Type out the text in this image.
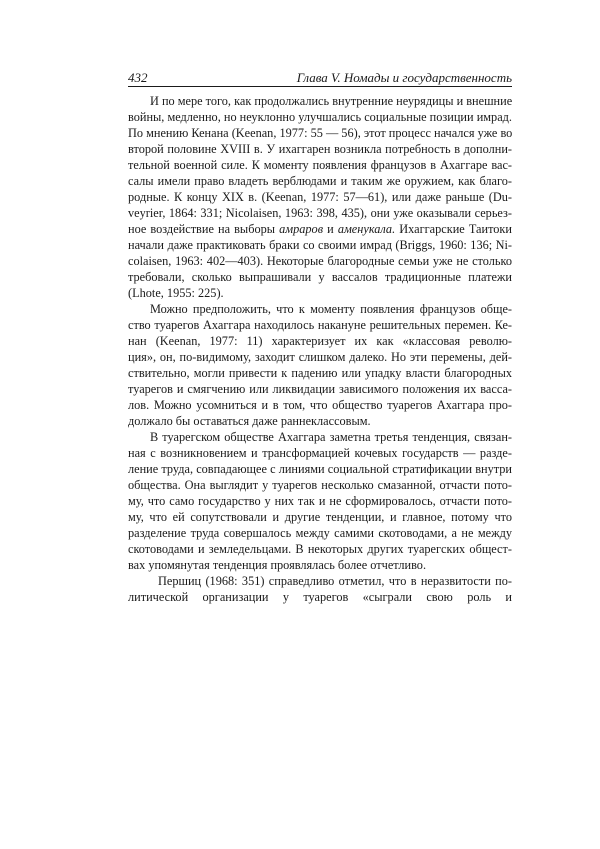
432	Глава V. Номады и государственность
И по мере того, как продолжались внутренние неурядицы и внешние
войны, медленно, но неуклонно улучшались социальные позиции имрад.
По мнению Кенана (Keenan, 1977: 55 — 56), этот процесс начался уже во
второй половине XVIII в. У ихаггарен возникла потребность в дополни-
тельной военной силе. К моменту появления французов в Ахаггаре вас-
салы имели право владеть верблюдами и таким же оружием, как благо-
родные. К концу XIX в. (Keenan, 1977: 57—61), или даже раньше (Du-
veyrier, 1864: 331; Nicolaisen, 1963: 398, 435), они уже оказывали серьез-
ное воздействие на выборы амраров и аменукала. Ихаггарские Таитоки
начали даже практиковать браки со своими имрад (Briggs, 1960: 136; Ni-
colaisen, 1963: 402—403). Некоторые благородные семьи уже не столько
требовали, сколько выпрашивали у вассалов традиционные платежи
(Lhote, 1955: 225).
Можно предположить, что к моменту появления французов обще-
ство туарегов Ахаггара находилось накануне решительных перемен. Ке-
нан (Keenan, 1977: 11) характеризует их как «классовая револю-
ция», он, по-видимому, заходит слишком далеко. Но эти перемены, дей-
ствительно, могли привести к падению или упадку власти благородных
туарегов и смягчению или ликвидации зависимого положения их васса-
лов. Можно усомниться и в том, что общество туарегов Ахаггара про-
должало бы оставаться даже раннеклассовым.
В туарегском обществе Ахаггара заметна третья тенденция, связан-
ная с возникновением и трансформацией кочевых государств — разде-
ление труда, совпадающее с линиями социальной стратификации внутри
общества. Она выглядит у туарегов несколько смазанной, отчасти пото-
му, что само государство у них так и не сформировалось, отчасти пото-
му, что ей сопутствовали и другие тенденции, и главное, потому что
разделение труда совершалось между самими скотоводами, а не между
скотоводами и земледельцами. В некоторых других туарегских общест-
вах упомянутая тенденция проявлялась более отчетливо.
Першиц (1968: 351) справедливо отметил, что в неразвитости по-
литической организации у туарегов «сыграли свою роль и
